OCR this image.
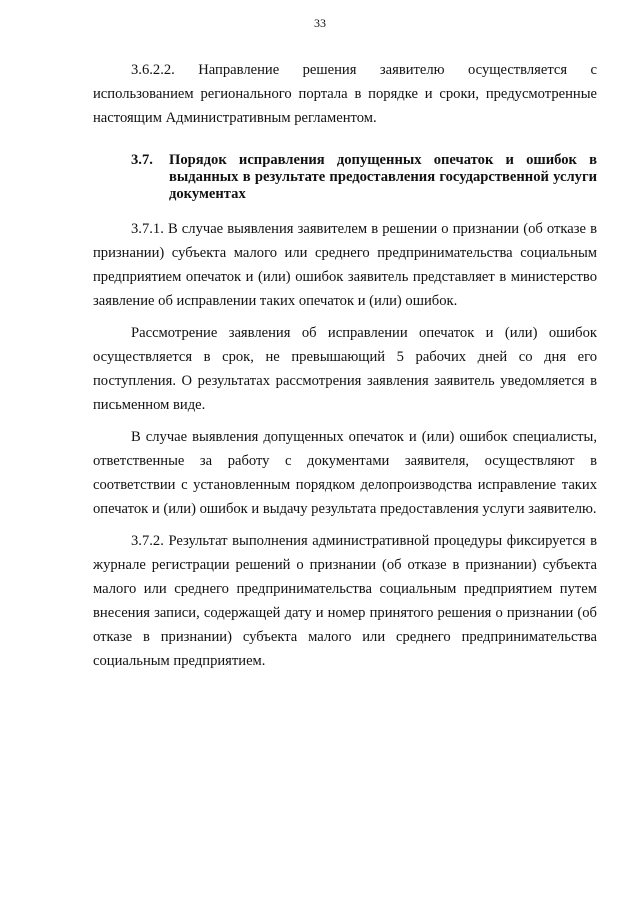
33

3.6.2.2. Направление решения заявителю осуществляется с использованием регионального портала в порядке и сроки, предусмотренные настоящим Административным регламентом.

3.7.	Порядок исправления допущенных опечаток и ошибок в выданных в результате предоставления государственной услуги документах

3.7.1. В случае выявления заявителем в решении о признании (об отказе в признании) субъекта малого или среднего предпринимательства социальным предприятием опечаток и (или) ошибок заявитель представляет в министерство заявление об исправлении таких опечаток и (или) ошибок.

Рассмотрение заявления об исправлении опечаток и (или) ошибок осуществляется в срок, не превышающий 5 рабочих дней со дня его поступления. О результатах рассмотрения заявления заявитель уведомляется в письменном виде.

В случае выявления допущенных опечаток и (или) ошибок специалисты, ответственные за работу с документами заявителя, осуществляют в соответствии с установленным порядком делопроизводства исправление таких опечаток и (или) ошибок и выдачу результата предоставления услуги заявителю.

3.7.2. Результат выполнения административной процедуры фиксируется в журнале регистрации решений о признании (об отказе в признании) субъекта малого или среднего предпринимательства социальным предприятием путем внесения записи, содержащей дату и номер принятого решения о признании (об отказе в признании) субъекта малого или среднего предпринимательства социальным предприятием.
